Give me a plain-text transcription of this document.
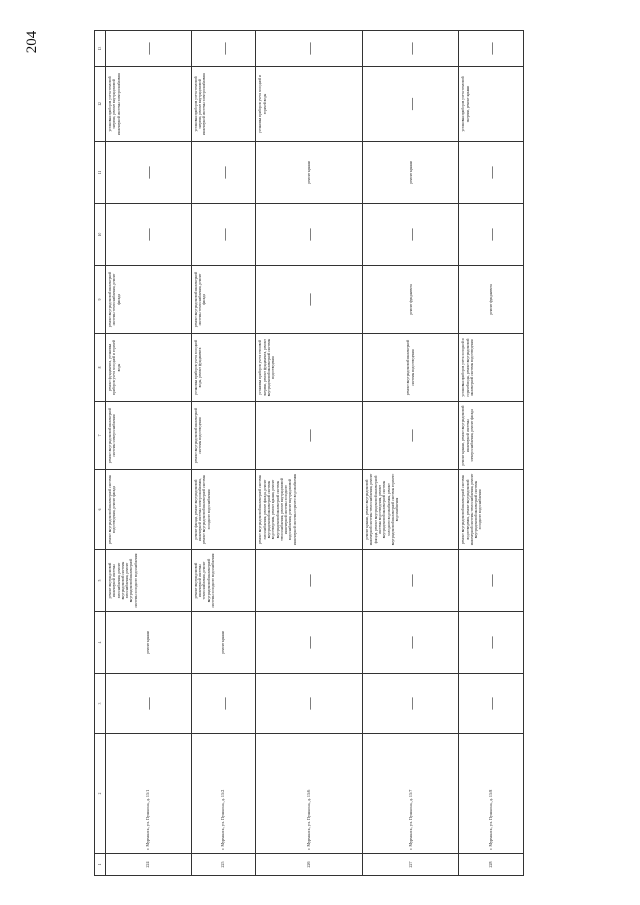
204
1	2	3	4	5	6	7	8	9	10	11	12	13
224	г. Мурманск, ул. Пушкина, д. 15/1	—	ремонт крыши	ремонт внутридомовой инженерной системы газоснабжения, ремонт внутридомовой системы газоснабжения, ремонт внутридомовой инженерной системы холодного водоснабжения	ремонт внутридомовой инженерной системы водоотведения, ремонт фасада	ремонт внутридомовой инженерной системы электроснабжения	ремонт фундамента, установка приборов учета холодной и горячей воды	ремонт внутридомовой инженерной системы теплоснабжения, ремонт фасада	—	—	установка приборов учета тепловой энергии, ремонт внутридомовой инженерной системы электроснабжения	—
225	г. Мурманск, ул. Пушкина, д. 15/2	—	ремонт крыши	ремонт внутридомовой инженерной системы теплоснабжения, ремонт внутридомовой инженерной системы холодного водоснабжения	ремонт фасада, ремонт внутридомовой инженерной системы электроснабжения, ремонт внутридомовой инженерной системы холодного водоснабжения	ремонт внутридомовой инженерной системы водоотведения	установка приборов учета холодной воды, ремонт фундамента	ремонт внутридомовой инженерной системы теплоснабжения, ремонт фасада	—	—	установка приборов учета тепловой энергии, ремонт внутридомовой инженерной системы электроснабжения	—
226	г. Мурманск, ул. Пушкина, д. 15/6	—	—	—	ремонт внутридомовой инженерной системы газоснабжения, ремонт фасада, ремонт внутридомовой инженерной системы водоотведения, ремонт крыши, ремонт внутридомовой инженерной системы теплоснабжения, ремонт внутридомовой инженерной системы холодного водоснабжения, ремонт внутридомовой инженерной системы горячего водоснабжения	—	установка приборов учета тепловой энергии, ремонт фундамента, ремонт внутридомовой инженерной системы водоотведения	—	—	ремонт крыши	установка приборов учета холодной и горячей воды	—
227	г. Мурманск, ул. Пушкина, д. 15/7	—	—	—	ремонт крыши, ремонт внутридомовой инженерной системы теплоснабжения, ремонт фасада, ремонт внутридомовой инженерной системы водоотведения, ремонт внутридомовой инженерной системы холодного водоснабжения, ремонт внутридомовой инженерной системы горячего водоснабжения	—	ремонт внутридомовой инженерной системы водоотведения	ремонт фундамента	—	ремонт крыши	—	—
228	г. Мурманск, ул. Пушкина, д. 15/8	—	—	—	ремонт внутридомовой инженерной системы водоотведения, ремонт внутридомовой инженерной системы теплоснабжения, ремонт внутридомовой инженерной системы холодного водоснабжения	ремонт крыши, ремонт внутридомовой инженерной системы электроснабжения, ремонт фасада	установка приборов учета холодной и горячей воды, ремонт внутридомовой инженерной системы водоотведения	ремонт фундамента	—	—	установка приборов учета тепловой энергии, ремонт крыши	—
